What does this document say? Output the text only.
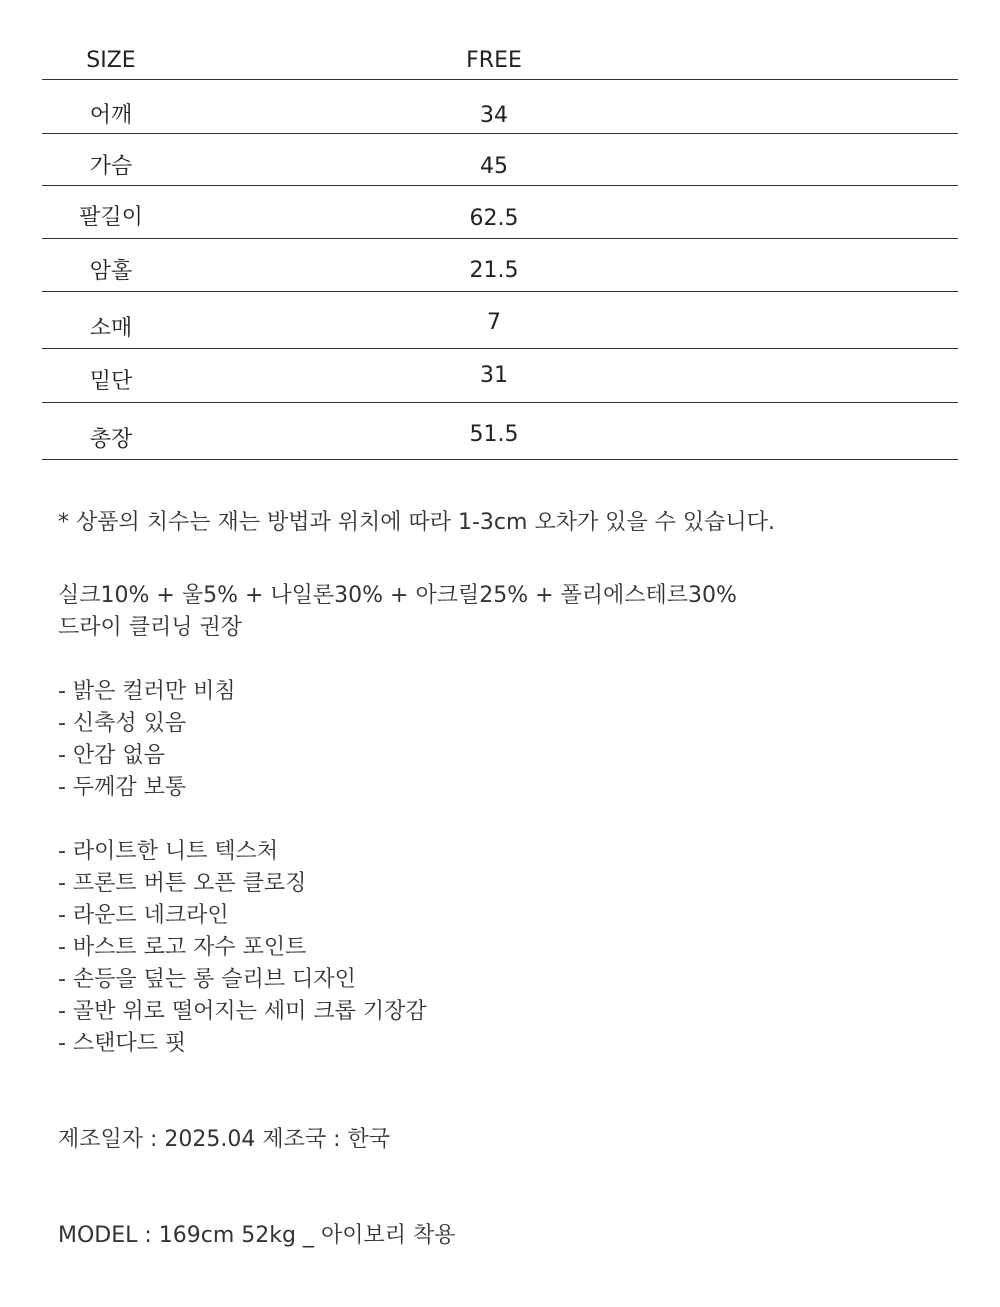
SIZE	FREE
어깨	34
가슴	45
팔길이	62.5
암홀	21.5
소매	7
밑단	31
총장	51.5
* 상품의 치수는 재는 방법과 위치에 따라 1-3cm 오차가 있을 수 있습니다.
실크10% + 울5% + 나일론30% + 아크릴25% + 폴리에스테르30%
드라이 클리닝 권장
- 밝은 컬러만 비침
- 신축성 있음
- 안감 없음
- 두께감 보통
- 라이트한 니트 텍스처
- 프론트 버튼 오픈 클로징
- 라운드 네크라인
- 바스트 로고 자수 포인트
- 손등을 덮는 롱 슬리브 디자인
- 골반 위로 떨어지는 세미 크롭 기장감
- 스탠다드 핏
제조일자 : 2025.04 제조국 : 한국
MODEL : 169cm 52kg _ 아이보리 착용
